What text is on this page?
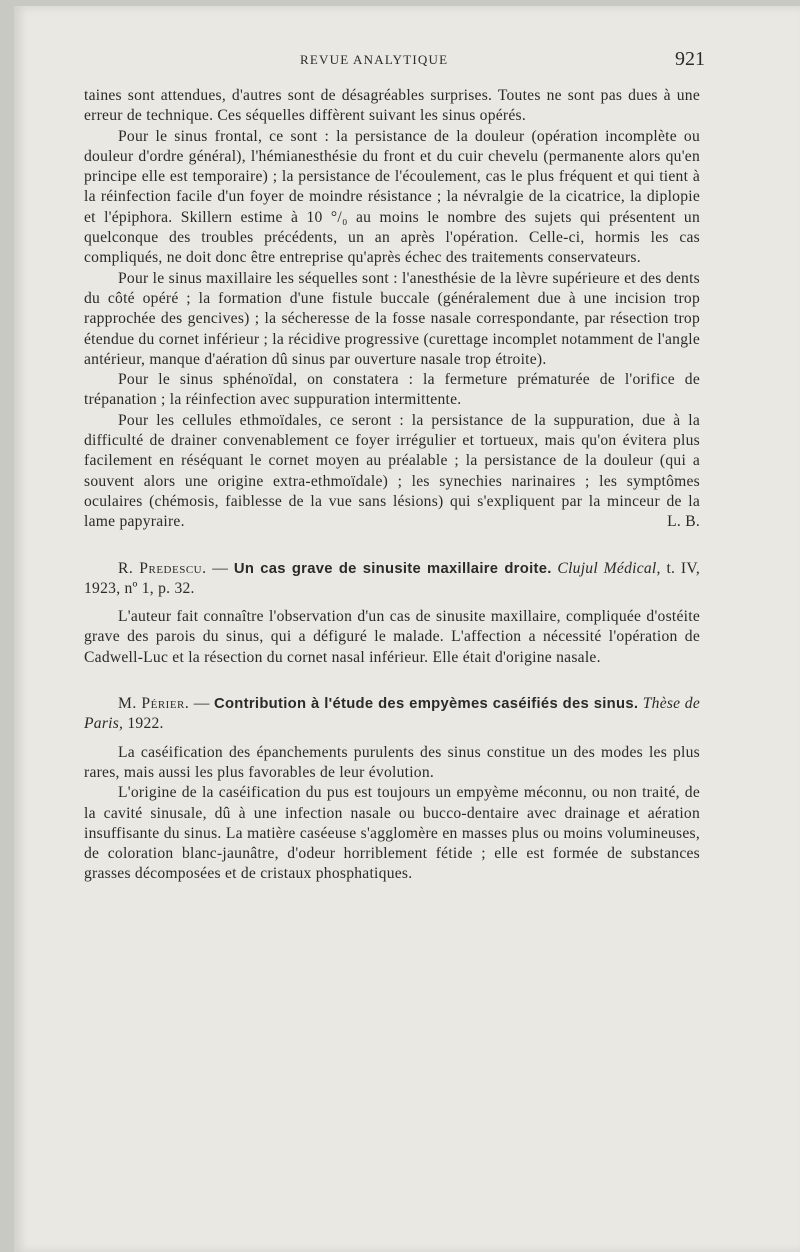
REVUE ANALYTIQUE	921

taines sont attendues, d'autres sont de désagréables surprises. Toutes ne sont pas dues à une erreur de technique. Ces séquelles diffèrent suivant les sinus opérés.

Pour le sinus frontal, ce sont : la persistance de la douleur (opération incomplète ou douleur d'ordre général), l'hémianesthésie du front et du cuir chevelu (permanente alors qu'en principe elle est temporaire) ; la persistance de l'écoulement, cas le plus fréquent et qui tient à la réinfection facile d'un foyer de moindre résistance ; la névralgie de la cicatrice, la diplopie et l'épiphora. Skillern estime à 10 °/₀ au moins le nombre des sujets qui présentent un quelconque des troubles précédents, un an après l'opération. Celle-ci, hormis les cas compliqués, ne doit donc être entreprise qu'après échec des traitements conservateurs.

Pour le sinus maxillaire les séquelles sont : l'anesthésie de la lèvre supérieure et des dents du côté opéré ; la formation d'une fistule buccale (généralement due à une incision trop rapprochée des gencives) ; la sécheresse de la fosse nasale correspondante, par résection trop étendue du cornet inférieur ; la récidive progressive (curettage incomplet notamment de l'angle antérieur, manque d'aération dû sinus par ouverture nasale trop étroite).

Pour le sinus sphénoïdal, on constatera : la fermeture prématurée de l'orifice de trépanation ; la réinfection avec suppuration intermittente.

Pour les cellules ethmoïdales, ce seront : la persistance de la suppuration, due à la difficulté de drainer convenablement ce foyer irrégulier et tortueux, mais qu'on évitera plus facilement en réséquant le cornet moyen au préalable ; la persistance de la douleur (qui a souvent alors une origine extra-ethmoïdale) ; les synechies narinaires ; les symptômes oculaires (chémosis, faiblesse de la vue sans lésions) qui s'expliquent par la minceur de la lame papyraire.	L. B.

R. Predescu. — Un cas grave de sinusite maxillaire droite. Clujul Médical, t. IV, 1923, nº 1, p. 32.

L'auteur fait connaître l'observation d'un cas de sinusite maxillaire, compliquée d'ostéite grave des parois du sinus, qui a défiguré le malade. L'affection a nécessité l'opération de Cadwell-Luc et la résection du cornet nasal inférieur. Elle était d'origine nasale.

M. Périer. — Contribution à l'étude des empyèmes caséifiés des sinus. Thèse de Paris, 1922.

La caséification des épanchements purulents des sinus constitue un des modes les plus rares, mais aussi les plus favorables de leur évolution.

L'origine de la caséification du pus est toujours un empyème méconnu, ou non traité, de la cavité sinusale, dû à une infection nasale ou bucco-dentaire avec drainage et aération insuffisante du sinus. La matière caséeuse s'agglomère en masses plus ou moins volumineuses, de coloration blanc-jaunâtre, d'odeur horriblement fétide ; elle est formée de substances grasses décomposées et de cristaux phosphatiques.
